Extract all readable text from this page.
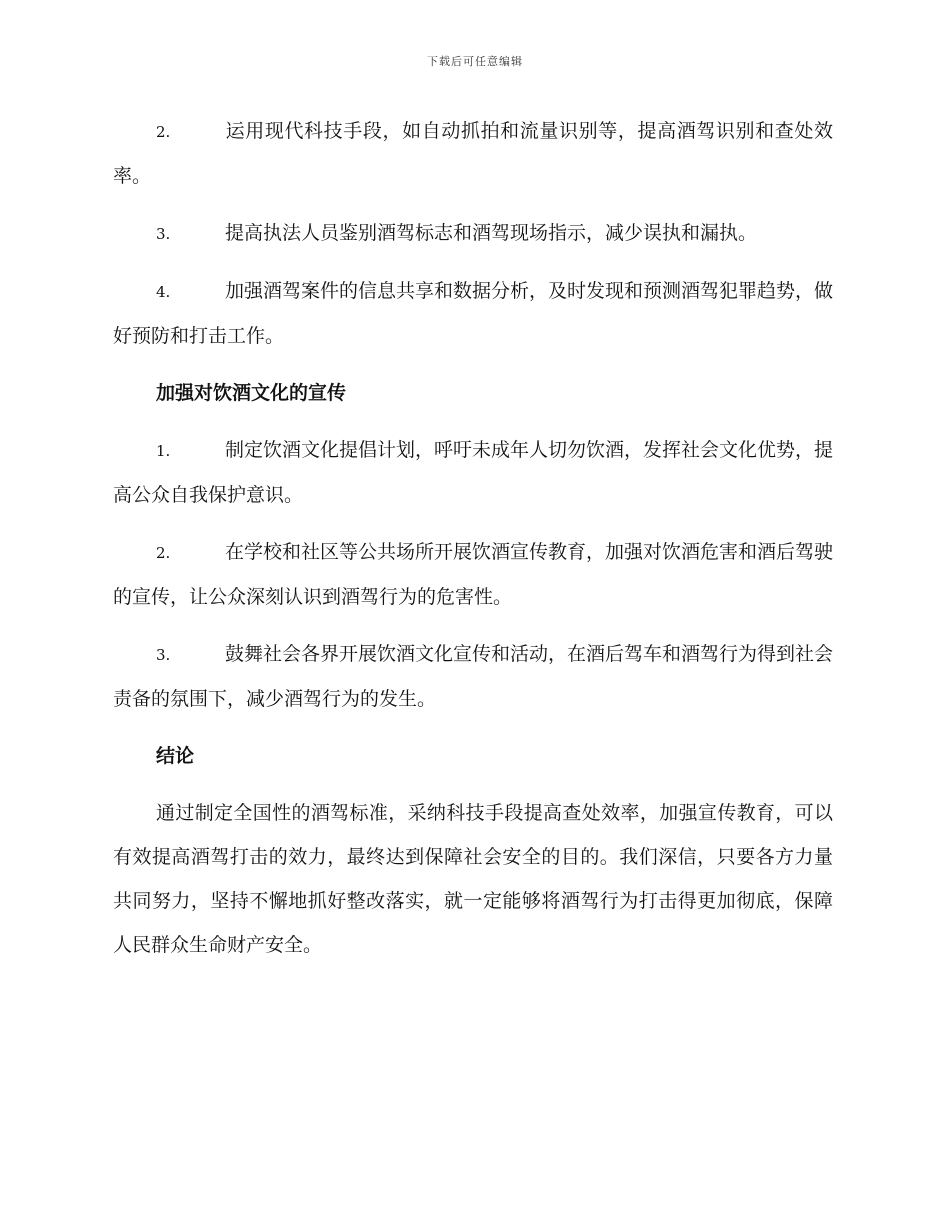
下载后可任意编辑

2.	运用现代科技手段，如自动抓拍和流量识别等，提高酒驾识别和查处效率。

3.	提高执法人员鉴别酒驾标志和酒驾现场指示，减少误执和漏执。

4.	加强酒驾案件的信息共享和数据分析，及时发现和预测酒驾犯罪趋势，做好预防和打击工作。

加强对饮酒文化的宣传

1.	制定饮酒文化提倡计划，呼吁未成年人切勿饮酒，发挥社会文化优势，提高公众自我保护意识。

2.	在学校和社区等公共场所开展饮酒宣传教育，加强对饮酒危害和酒后驾驶的宣传，让公众深刻认识到酒驾行为的危害性。

3.	鼓舞社会各界开展饮酒文化宣传和活动，在酒后驾车和酒驾行为得到社会责备的氛围下，减少酒驾行为的发生。

结论

通过制定全国性的酒驾标准，采纳科技手段提高查处效率，加强宣传教育，可以有效提高酒驾打击的效力，最终达到保障社会安全的目的。我们深信，只要各方力量共同努力，坚持不懈地抓好整改落实，就一定能够将酒驾行为打击得更加彻底，保障人民群众生命财产安全。
